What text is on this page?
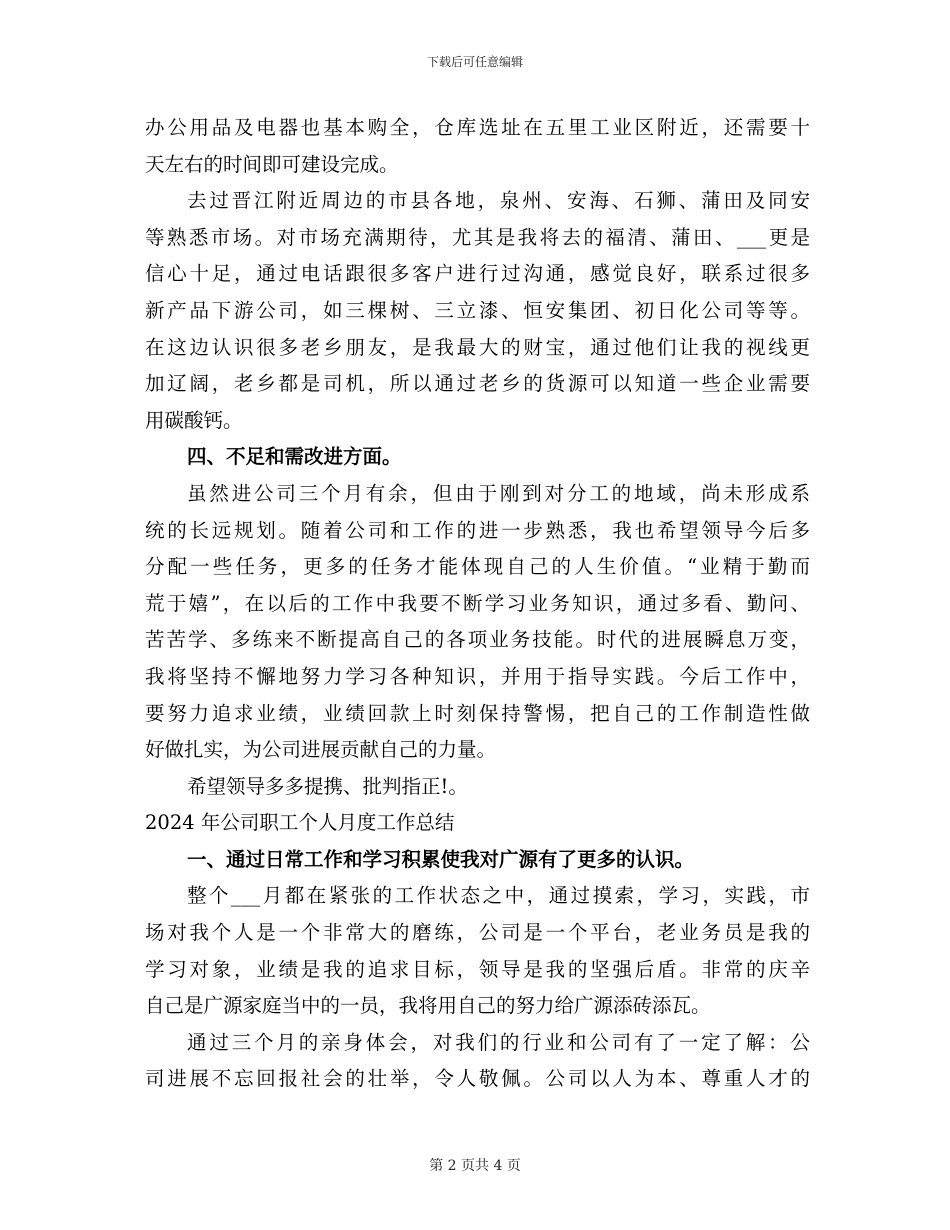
下载后可任意编辑
办公用品及电器也基本购全，仓库选址在五里工业区附近，还需要十
天左右的时间即可建设完成。
去过晋江附近周边的市县各地，泉州、安海、石狮、蒲田及同安
等熟悉市场。对市场充满期待，尤其是我将去的福清、蒲田、___更是
信心十足，通过电话跟很多客户进行过沟通，感觉良好，联系过很多
新产品下游公司，如三棵树、三立漆、恒安集团、初日化公司等等。
在这边认识很多老乡朋友，是我最大的财宝，通过他们让我的视线更
加辽阔，老乡都是司机，所以通过老乡的货源可以知道一些企业需要
用碳酸钙。
四、不足和需改进方面。
虽然进公司三个月有余，但由于刚到对分工的地域，尚未形成系
统的长远规划。随着公司和工作的进一步熟悉，我也希望领导今后多
分配一些任务，更多的任务才能体现自己的人生价值。“业精于勤而
荒于嬉”，在以后的工作中我要不断学习业务知识，通过多看、勤问、
苦苦学、多练来不断提高自己的各项业务技能。时代的进展瞬息万变，
我将坚持不懈地努力学习各种知识，并用于指导实践。今后工作中，
要努力追求业绩，业绩回款上时刻保持警惕，把自己的工作制造性做
好做扎实，为公司进展贡献自己的力量。
希望领导多多提携、批判指正!。
2024 年公司职工个人月度工作总结
一、通过日常工作和学习积累使我对广源有了更多的认识。
整个___月都在紧张的工作状态之中，通过摸索，学习，实践，市
场对我个人是一个非常大的磨练，公司是一个平台，老业务员是我的
学习对象，业绩是我的追求目标，领导是我的坚强后盾。非常的庆辛
自己是广源家庭当中的一员，我将用自己的努力给广源添砖添瓦。
通过三个月的亲身体会，对我们的行业和公司有了一定了解：公
司进展不忘回报社会的壮举，令人敬佩。公司以人为本、尊重人才的
第 2 页共 4 页
